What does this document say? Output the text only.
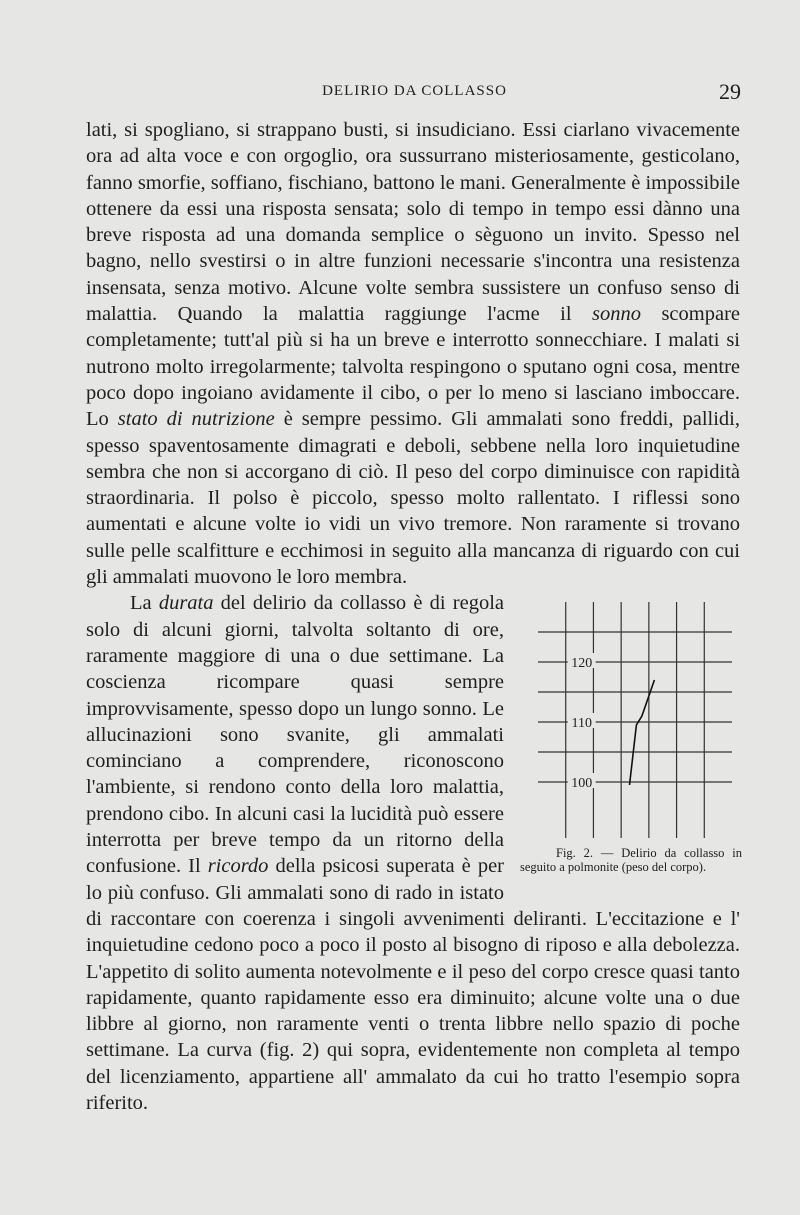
DELIRIO DA COLLASSO	29

lati, si spogliano, si strappano busti, si insudiciano. Essi ciarlano vivacemente ora ad alta voce e con orgoglio, ora sussurrano misteriosamente, gesticolano, fanno smorfie, soffiano, fischiano, battono le mani. Generalmente è impossibile ottenere da essi una risposta sensata; solo di tempo in tempo essi dànno una breve risposta ad una domanda semplice o sèguono un invito. Spesso nel bagno, nello svestirsi o in altre funzioni necessarie s'incontra una resistenza insensata, senza motivo. Alcune volte sembra sussistere un confuso senso di malattia. Quando la malattia raggiunge l'acme il sonno scompare completamente; tutt'al più si ha un breve e interrotto sonnecchiare. I malati si nutrono molto irregolarmente; talvolta respingono o sputano ogni cosa, mentre poco dopo ingoiano avidamente il cibo, o per lo meno si lasciano imboccare. Lo stato di nutrizione è sempre pessimo. Gli ammalati sono freddi, pallidi, spesso spaventosamente dimagrati e deboli, sebbene nella loro inquietudine sembra che non si accorgano di ciò. Il peso del corpo diminuisce con rapidità straordinaria. Il polso è piccolo, spesso molto rallentato. I riflessi sono aumentati e alcune volte io vidi un vivo tremore. Non raramente si trovano sulle pelle scalfitture e ecchimosi in seguito alla mancanza di riguardo con cui gli ammalati muovono le loro membra.

120
110
100
Fig. 2. — Delirio da collasso in seguito a polmonite (peso del corpo).

La durata del delirio da collasso è di regola solo di alcuni giorni, talvolta soltanto di ore, raramente maggiore di una o due settimane. La coscienza ricompare quasi sempre improvvisamente, spesso dopo un lungo sonno. Le allucinazioni sono svanite, gli ammalati cominciano a comprendere, riconoscono l'ambiente, si rendono conto della loro malattia, prendono cibo. In alcuni casi la lucidità può essere interrotta per breve tempo da un ritorno della confusione. Il ricordo della psicosi superata è per lo più confuso. Gli ammalati sono di rado in istato di raccontare con coerenza i singoli avvenimenti deliranti. L'eccitazione e l' inquietudine cedono poco a poco il posto al bisogno di riposo e alla debolezza. L'appetito di solito aumenta notevolmente e il peso del corpo cresce quasi tanto rapidamente, quanto rapidamente esso era diminuito; alcune volte una o due libbre al giorno, non raramente venti o trenta libbre nello spazio di poche settimane. La curva (fig. 2) qui sopra, evidentemente non completa al tempo del licenziamento, appartiene all' ammalato da cui ho tratto l'esempio sopra riferito.
